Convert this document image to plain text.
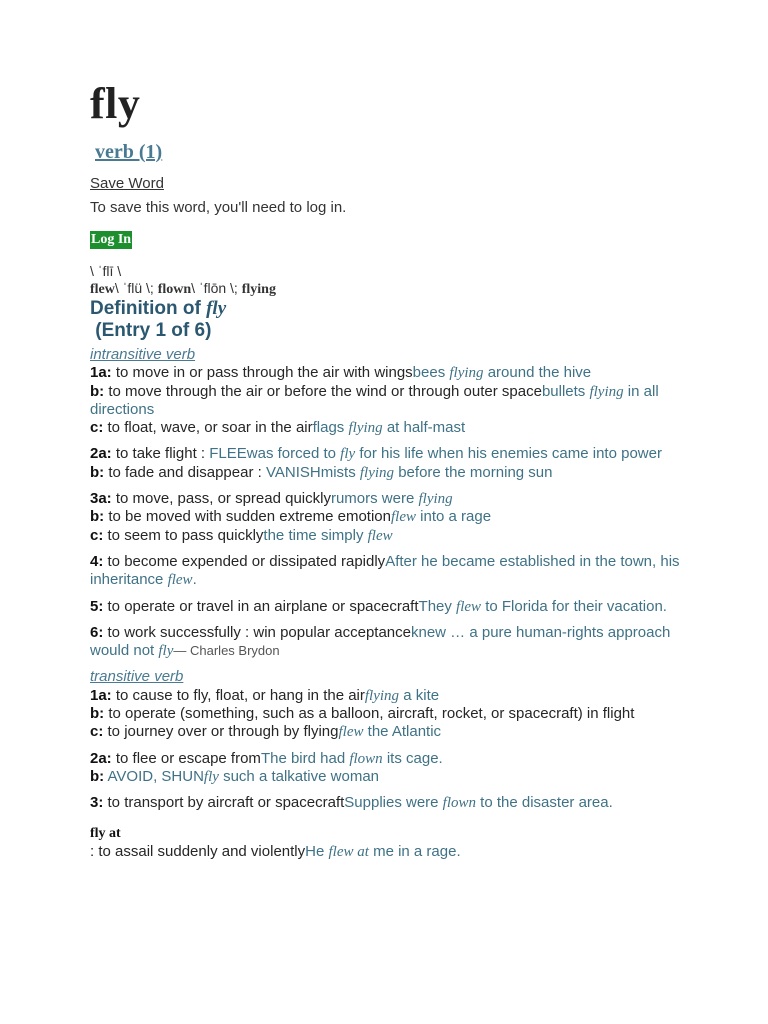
fly
verb (1)
Save Word
To save this word, you'll need to log in.
Log In
\ ˈflī \
flew\ ˈflü \; flown\ ˈflōn \; flying
Definition of fly
(Entry 1 of 6)
intransitive verb
1a: to move in or pass through the air with wingsbees flying around the hive
b: to move through the air or before the wind or through outer spacebullets flying in all directions
c: to float, wave, or soar in the airflags flying at half-mast
2a: to take flight : FLEEwas forced to fly for his life when his enemies came into power
b: to fade and disappear : VANISHmists flying before the morning sun
3a: to move, pass, or spread quicklyrumors were flying
b: to be moved with sudden extreme emotionflew into a rage
c: to seem to pass quicklythe time simply flew
4: to become expended or dissipated rapidlyAfter he became established in the town, his inheritance flew.
5: to operate or travel in an airplane or spacecraftThey flew to Florida for their vacation.
6: to work successfully : win popular acceptanceknew … a pure human-rights approach would not fly— Charles Brydon
transitive verb
1a: to cause to fly, float, or hang in the airflying a kite
b: to operate (something, such as a balloon, aircraft, rocket, or spacecraft) in flight
c: to journey over or through by flyingflew the Atlantic
2a: to flee or escape fromThe bird had flown its cage.
b: AVOID, SHUNfly such a talkative woman
3: to transport by aircraft or spacecraftSupplies were flown to the disaster area.
fly at
: to assail suddenly and violentlyHe flew at me in a rage.
